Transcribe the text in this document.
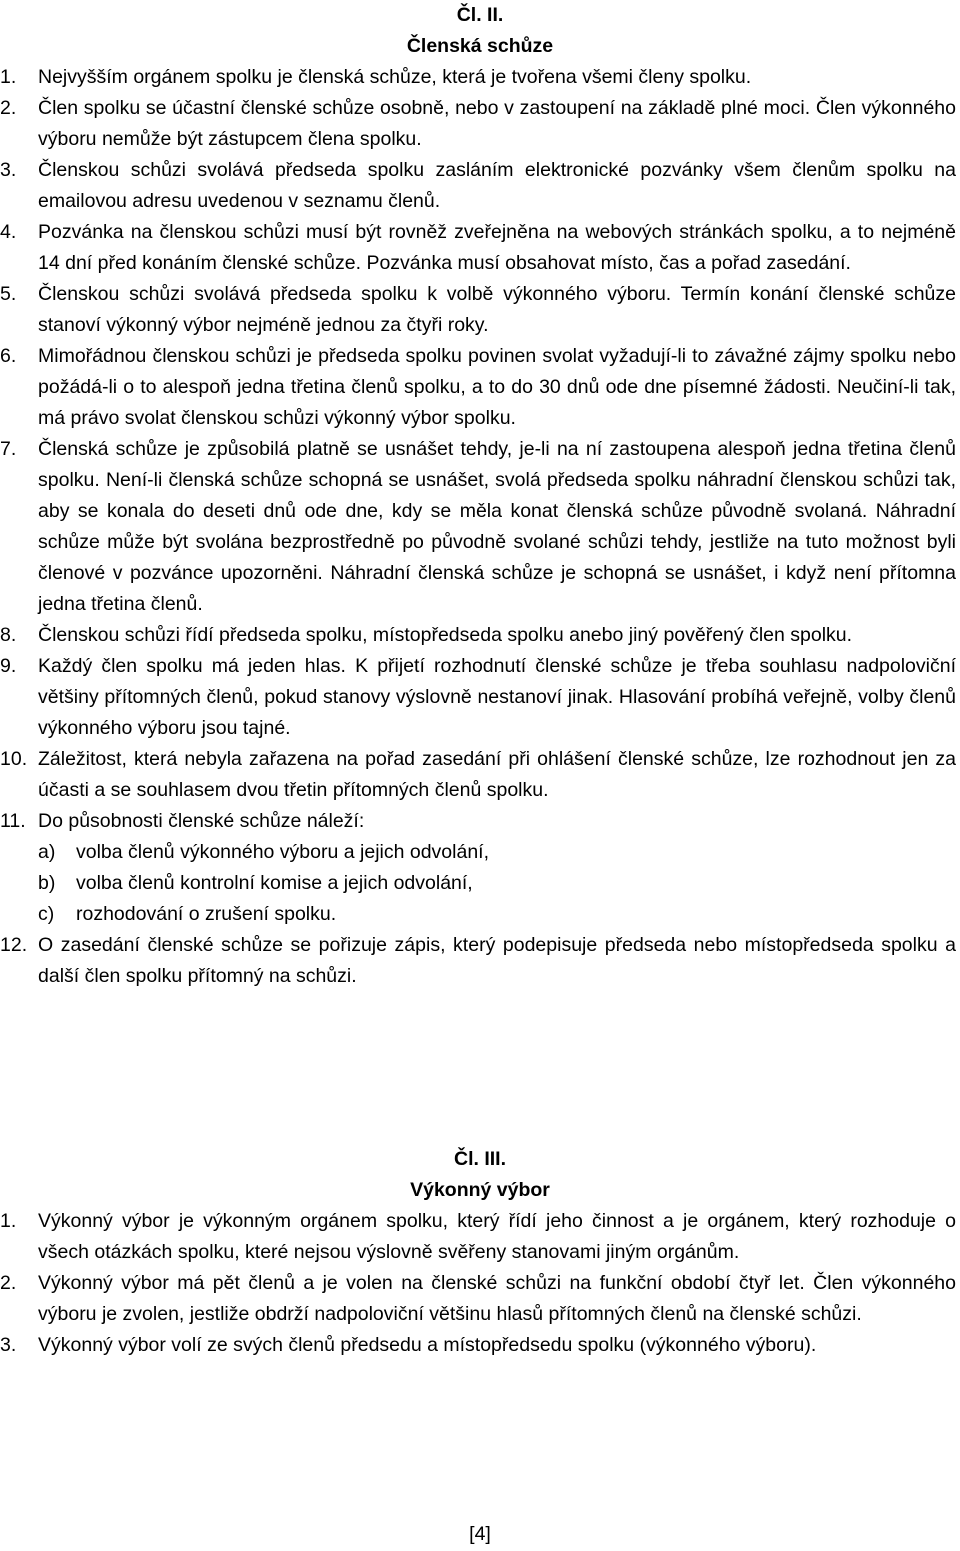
Čl. II.

Členská schůze

1.	Nejvyšším orgánem spolku je členská schůze, která je tvořena všemi členy spolku.
2.	Člen spolku se účastní členské schůze osobně, nebo v zastoupení na základě plné moci. Člen výkonného výboru nemůže být zástupcem člena spolku.
3.	Členskou schůzi svolává předseda spolku zasláním elektronické pozvánky všem členům spolku na emailovou adresu uvedenou v seznamu členů.
4.	Pozvánka na členskou schůzi musí být rovněž zveřejněna na webových stránkách spolku, a to nejméně 14 dní před konáním členské schůze. Pozvánka musí obsahovat místo, čas a pořad zasedání.
5.	Členskou schůzi svolává předseda spolku k volbě výkonného výboru. Termín konání členské schůze stanoví výkonný výbor nejméně jednou za čtyři roky.
6.	Mimořádnou členskou schůzi je předseda spolku povinen svolat vyžadují-li to závažné zájmy spolku nebo požádá-li o to alespoň jedna třetina členů spolku, a to do 30 dnů ode dne písemné žádosti. Neučiní-li tak, má právo svolat členskou schůzi výkonný výbor spolku.
7.	Členská schůze je způsobilá platně se usnášet tehdy, je-li na ní zastoupena alespoň jedna třetina členů spolku. Není-li členská schůze schopná se usnášet, svolá předseda spolku náhradní členskou schůzi tak, aby se konala do deseti dnů ode dne, kdy se měla konat členská schůze původně svolaná. Náhradní schůze může být svolána bezprostředně po původně svolané schůzi tehdy, jestliže na tuto možnost byli členové v pozvánce upozorněni. Náhradní členská schůze je schopná se usnášet, i když není přítomna jedna třetina členů.
8.	Členskou schůzi řídí předseda spolku, místopředseda spolku anebo jiný pověřený člen spolku.
9.	Každý člen spolku má jeden hlas. K přijetí rozhodnutí členské schůze je třeba souhlasu nadpoloviční většiny přítomných členů, pokud stanovy výslovně nestanoví jinak. Hlasování probíhá veřejně, volby členů výkonného výboru jsou tajné.
10. Záležitost, která nebyla zařazena na pořad zasedání při ohlášení členské schůze, lze rozhodnout jen za účasti a se souhlasem dvou třetin přítomných členů spolku.
11. Do působnosti členské schůze náleží:
a) volba členů výkonného výboru a jejich odvolání,
b) volba členů kontrolní komise a jejich odvolání,
c) rozhodování o zrušení spolku.
12. O zasedání členské schůze se pořizuje zápis, který podepisuje předseda nebo místopředseda spolku a další člen spolku přítomný na schůzi.

Čl. III.

Výkonný výbor

1.	Výkonný výbor je výkonným orgánem spolku, který řídí jeho činnost a je orgánem, který rozhoduje o všech otázkách spolku, které nejsou výslovně svěřeny stanovami jiným orgánům.
2.	Výkonný výbor má pět členů a je volen na členské schůzi na funkční období čtyř let. Člen výkonného výboru je zvolen, jestliže obdrží nadpoloviční většinu hlasů přítomných členů na členské schůzi.
3.	Výkonný výbor volí ze svých členů předsedu a místopředsedu spolku (výkonného výboru).
[4]
